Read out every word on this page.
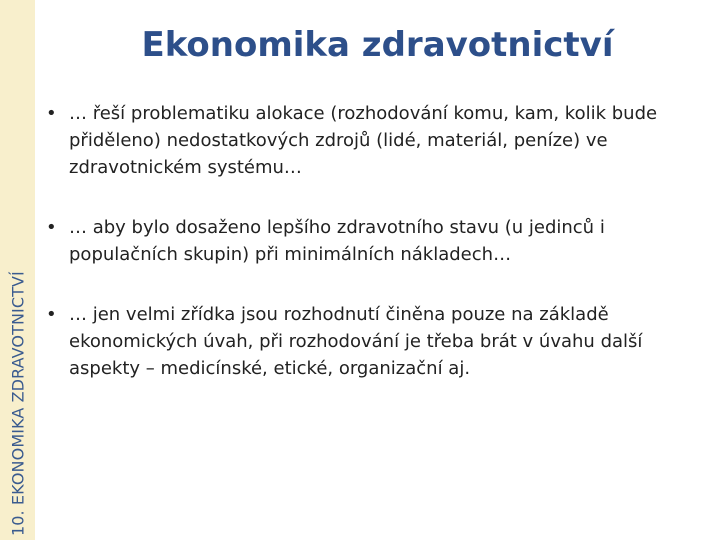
10. EKONOMIKA ZDRAVOTNICTVÍ
Ekonomika zdravotnictví
• … řeší problematiku alokace (rozhodování komu, kam, kolik bude přiděleno) nedostatkových zdrojů (lidé, materiál, peníze) ve zdravotnickém systému…
• … aby bylo dosaženo lepšího zdravotního stavu (u jedinců i populačních skupin) při minimálních nákladech…
• … jen velmi zřídka jsou rozhodnutí činěna pouze na základě ekonomických úvah, při rozhodování je třeba brát v úvahu další aspekty – medicínské, etické, organizační aj.
